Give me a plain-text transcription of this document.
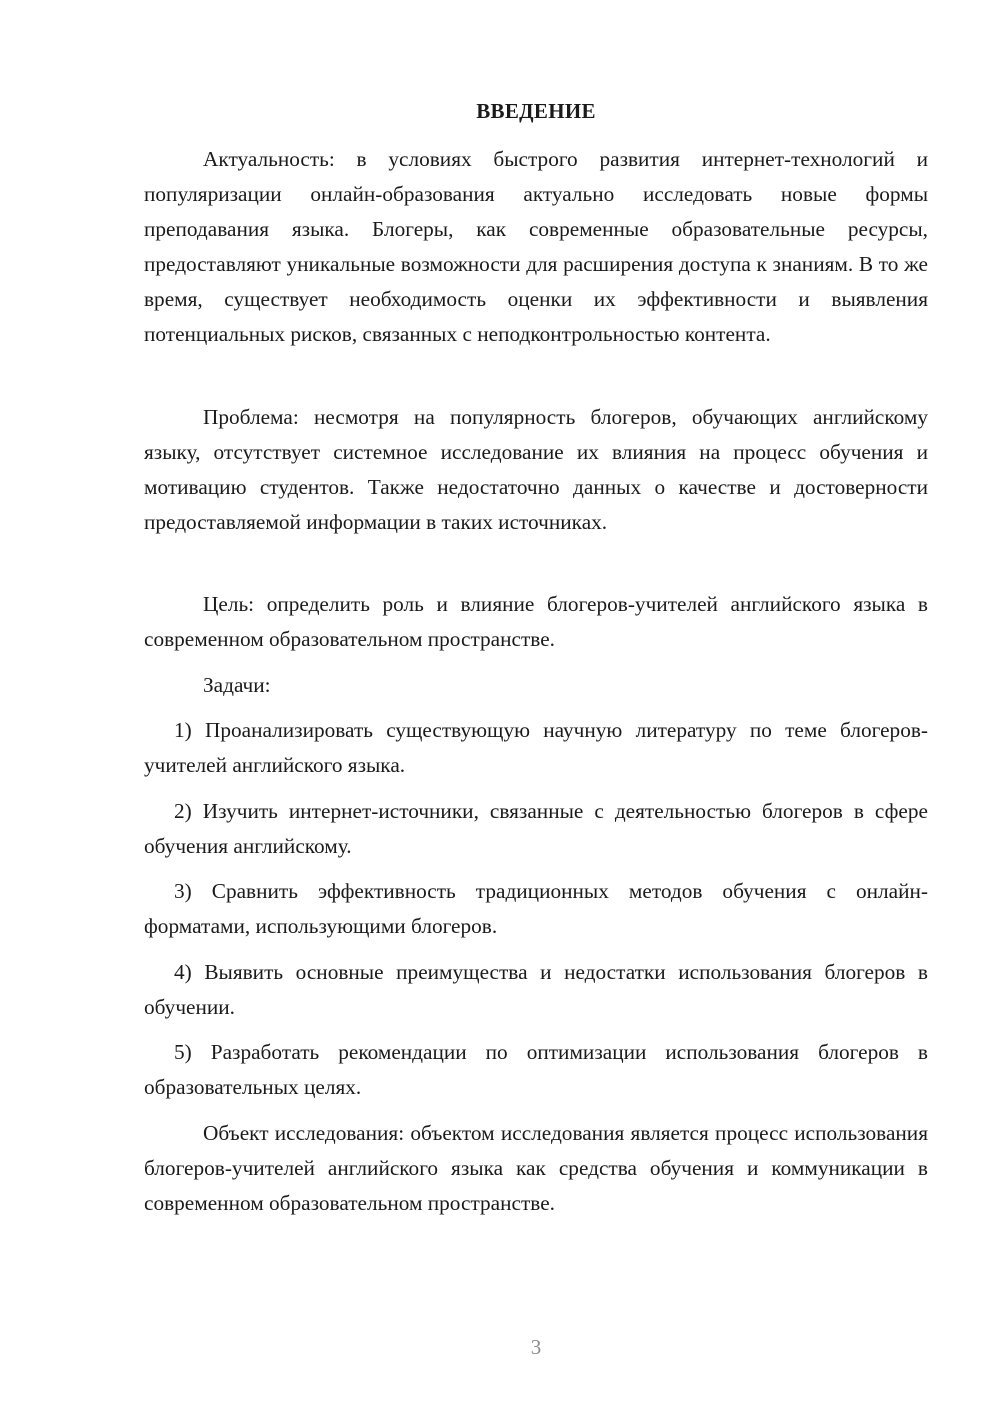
ВВЕДЕНИЕ

Актуальность: в условиях быстрого развития интернет-технологий и популяризации онлайн-образования актуально исследовать новые формы преподавания языка. Блогеры, как современные образовательные ресурсы, предоставляют уникальные возможности для расширения доступа к знаниям. В то же время, существует необходимость оценки их эффективности и выявления потенциальных рисков, связанных с неподконтрольностью контента.

Проблема: несмотря на популярность блогеров, обучающих английскому языку, отсутствует системное исследование их влияния на процесс обучения и мотивацию студентов. Также недостаточно данных о качестве и достоверности предоставляемой информации в таких источниках.

Цель: определить роль и влияние блогеров-учителей английского языка в современном образовательном пространстве.

Задачи:

1) Проанализировать существующую научную литературу по теме блогеров-учителей английского языка.

2) Изучить интернет-источники, связанные с деятельностью блогеров в сфере обучения английскому.

3) Сравнить эффективность традиционных методов обучения с онлайн-форматами, использующими блогеров.

4) Выявить основные преимущества и недостатки использования блогеров в обучении.

5) Разработать рекомендации по оптимизации использования блогеров в образовательных целях.

Объект исследования: объектом исследования является процесс использования блогеров-учителей английского языка как средства обучения и коммуникации в современном образовательном пространстве.

3
